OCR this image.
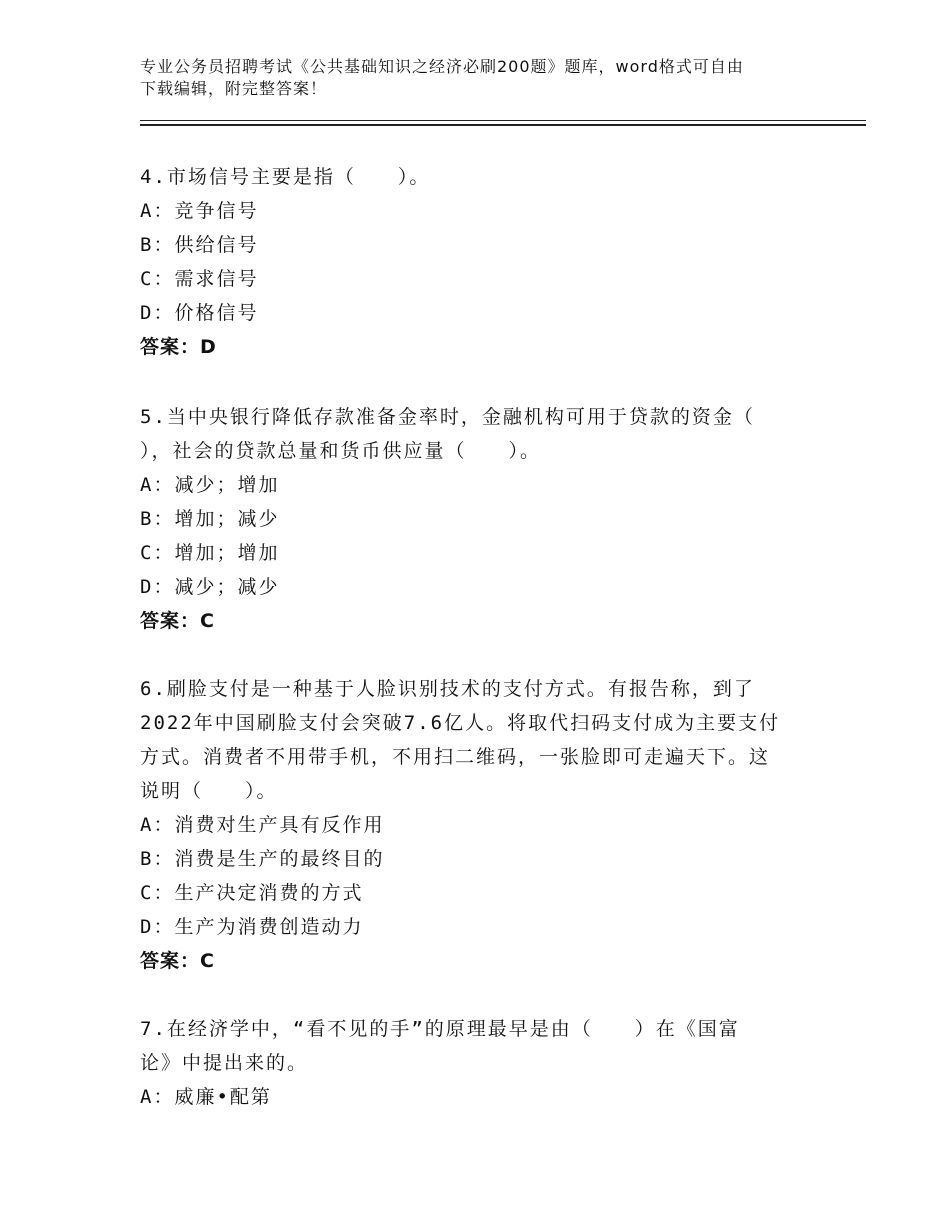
专业公务员招聘考试《公共基础知识之经济必刷200题》题库，word格式可自由
下载编辑，附完整答案！
4.市场信号主要是指（　　）。
A：竞争信号
B：供给信号
C：需求信号
D：价格信号
答案：D
5.当中央银行降低存款准备金率时，金融机构可用于贷款的资金（
），社会的贷款总量和货币供应量（　　）。
A：减少；增加
B：增加；减少
C：增加；增加
D：减少；减少
答案：C
6.刷脸支付是一种基于人脸识别技术的支付方式。有报告称，到了
2022年中国刷脸支付会突破7.6亿人。将取代扫码支付成为主要支付
方式。消费者不用带手机，不用扫二维码，一张脸即可走遍天下。这
说明（　　）。
A：消费对生产具有反作用
B：消费是生产的最终目的
C：生产决定消费的方式
D：生产为消费创造动力
答案：C
7.在经济学中，“看不见的手”的原理最早是由（　　）在《国富
论》中提出来的。
A：威廉•配第
